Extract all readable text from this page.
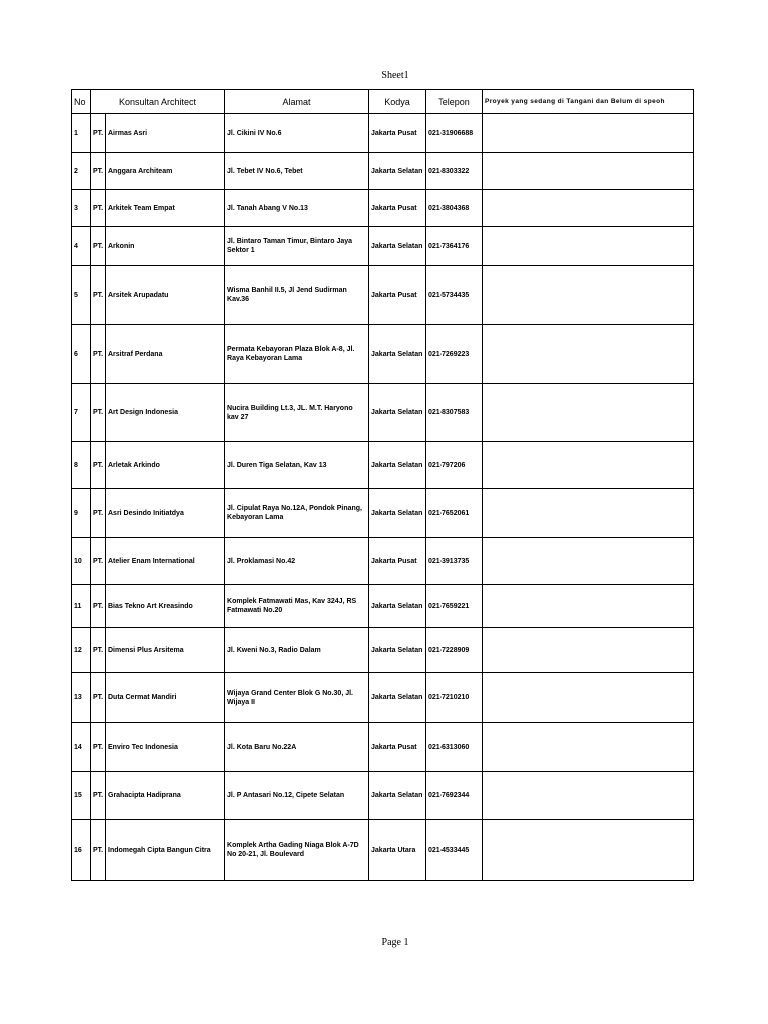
Sheet1
No	Konsultan Architect		Alamat	Kodya	Telepon	Proyek yang sedang di Tangani dan Belum di speoh
1	PT.	Airmas Asri	Jl. Cikini IV No.6	Jakarta Pusat	021-31906688	
2	PT.	Anggara Architeam	Jl. Tebet IV No.6, Tebet	Jakarta Selatan	021-8303322	
3	PT.	Arkitek Team Empat	Jl. Tanah Abang V No.13	Jakarta Pusat	021-3804368	
4	PT.	Arkonin	Jl. Bintaro Taman Timur, Bintaro Jaya Sektor 1	Jakarta Selatan	021-7364176	
5	PT.	Arsitek Arupadatu	Wisma Banhil II.5, Jl Jend Sudirman Kav.36	Jakarta Pusat	021-5734435	
6	PT.	Arsitraf Perdana	Permata Kebayoran Plaza Blok A-8, Jl. Raya Kebayoran Lama	Jakarta Selatan	021-7269223	
7	PT.	Art Design Indonesia	Nucira Building Lt.3, JL. M.T. Haryono kav 27	Jakarta Selatan	021-8307583	
8	PT.	Arletak Arkindo	Jl. Duren Tiga Selatan, Kav 13	Jakarta Selatan	021-797206	
9	PT.	Asri Desindo Initiatdya	Jl. Cipulat Raya No.12A, Pondok Pinang, Kebayoran Lama	Jakarta Selatan	021-7652061	
10	PT.	Atelier Enam International	Jl. Proklamasi No.42	Jakarta Pusat	021-3913735	
11	PT.	Bias Tekno Art Kreasindo	Komplek Fatmawati Mas, Kav 324J, RS Fatmawati No.20	Jakarta Selatan	021-7659221	
12	PT.	Dimensi Plus Arsitema	Jl. Kweni No.3, Radio Dalam	Jakarta Selatan	021-7228909	
13	PT.	Duta Cermat Mandiri	Wijaya Grand Center Blok G No.30, Jl. Wijaya II	Jakarta Selatan	021-7210210	
14	PT.	Enviro Tec Indonesia	Jl. Kota Baru No.22A	Jakarta Pusat	021-6313060	
15	PT.	Grahacipta Hadiprana	Jl. P Antasari No.12, Cipete Selatan	Jakarta Selatan	021-7692344	
16	PT.	Indomegah Cipta Bangun Citra	Komplek Artha Gading Niaga Blok A-7D No 20-21, Jl. Boulevard	Jakarta Utara	021-4533445	
Page 1
